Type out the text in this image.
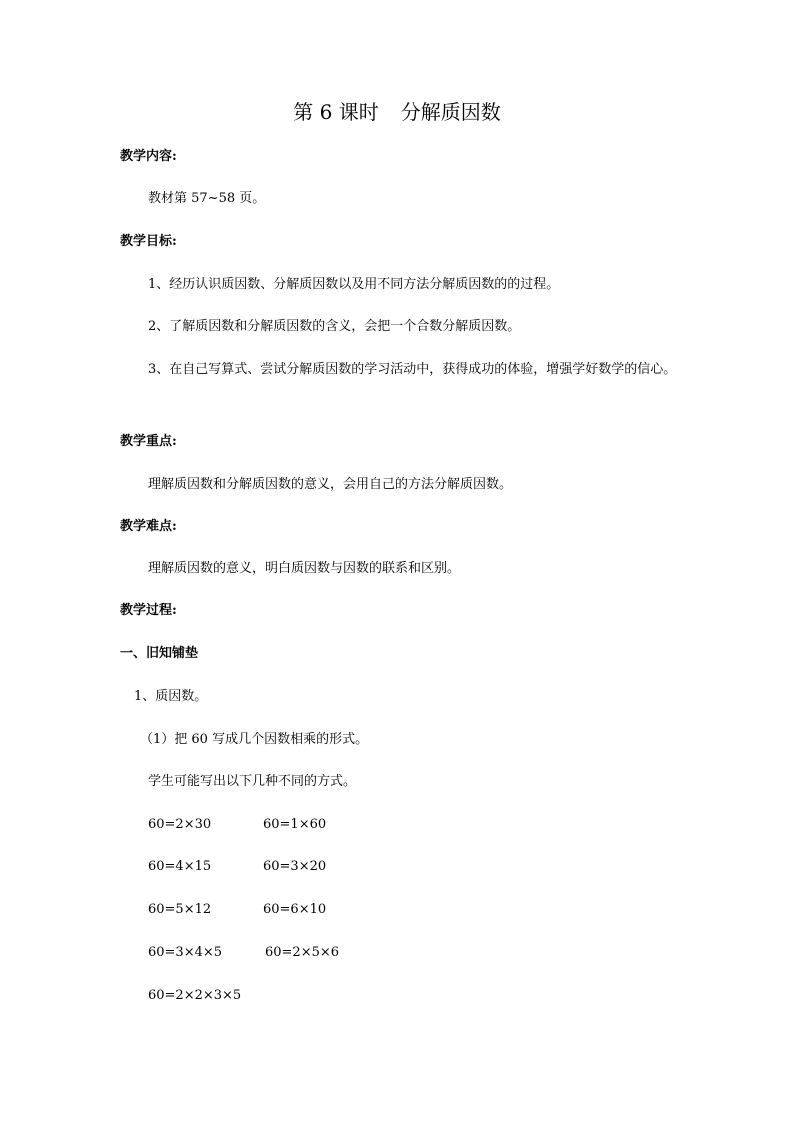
第 6 课时 分解质因数
教学内容:
教材第 57~58 页。
教学目标:
1、经历认识质因数、分解质因数以及用不同方法分解质因数的的过程。
2、了解质因数和分解质因数的含义，会把一个合数分解质因数。
3、在自己写算式、尝试分解质因数的学习活动中，获得成功的体验，增强学好数学的信心。
教学重点:
理解质因数和分解质因数的意义，会用自己的方法分解质因数。
教学难点:
理解质因数的意义，明白质因数与因数的联系和区别。
教学过程:
一、旧知铺垫
1、质因数。
（1）把 60 写成几个因数相乘的形式。
学生可能写出以下几种不同的方式。
60=2×30	60=1×60
60=4×15	60=3×20
60=5×12	60=6×10
60=3×4×5	60=2×5×6
60=2×2×3×5
